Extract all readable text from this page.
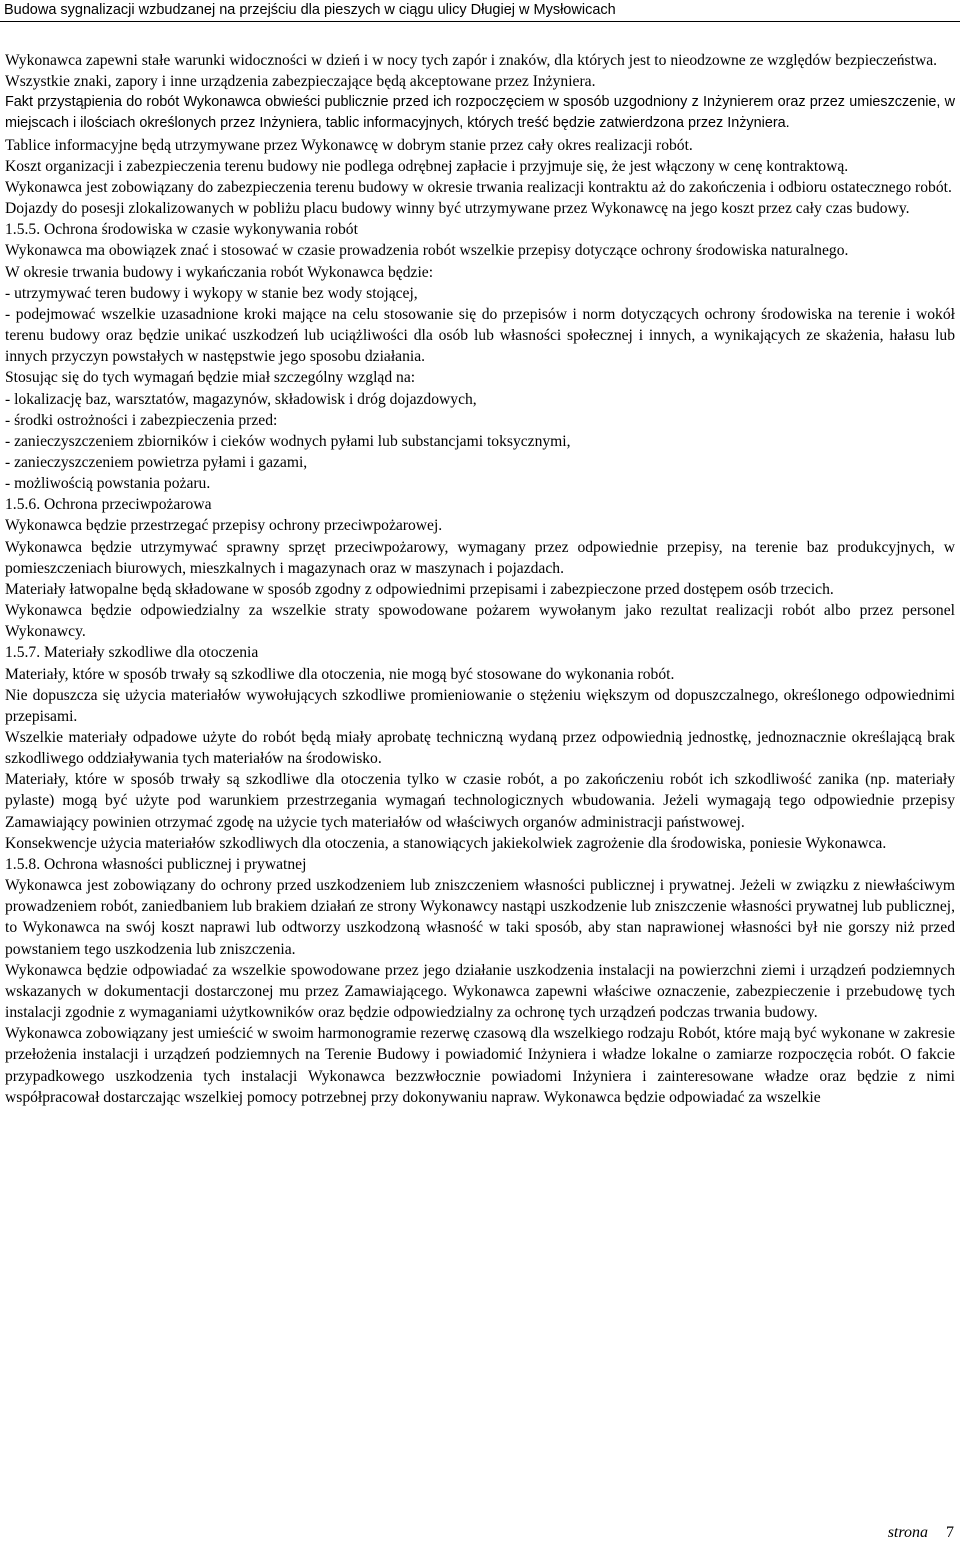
Budowa sygnalizacji wzbudzanej na przejściu dla pieszych w ciągu ulicy Długiej w Mysłowicach

Wykonawca zapewni stałe warunki widoczności w dzień i w nocy tych zapór i znaków, dla których jest to nieodzowne ze względów bezpieczeństwa.

Wszystkie znaki, zapory i inne urządzenia zabezpieczające będą akceptowane przez Inżyniera.

Fakt przystąpienia do robót Wykonawca obwieści publicznie przed ich rozpoczęciem w sposób uzgodniony z Inżynierem oraz przez umieszczenie, w miejscach i ilościach określonych przez Inżyniera, tablic informacyjnych, których treść będzie zatwierdzona przez Inżyniera.

Tablice informacyjne będą utrzymywane przez Wykonawcę w dobrym stanie przez cały okres realizacji robót.

Koszt organizacji i zabezpieczenia terenu budowy nie podlega odrębnej zapłacie i przyjmuje się, że jest włączony w cenę kontraktową.

Wykonawca jest zobowiązany do zabezpieczenia terenu budowy w okresie trwania realizacji kontraktu aż do zakończenia i odbioru ostatecznego robót.

Dojazdy do posesji zlokalizowanych w pobliżu placu budowy winny być utrzymywane przez Wykonawcę na jego koszt przez cały czas budowy.

1.5.5. Ochrona środowiska w czasie wykonywania robót

Wykonawca ma obowiązek znać i stosować w czasie prowadzenia robót wszelkie przepisy dotyczące ochrony środowiska naturalnego.

W okresie trwania budowy i wykańczania robót Wykonawca będzie:

- utrzymywać teren budowy i wykopy w stanie bez wody stojącej,

- podejmować wszelkie uzasadnione kroki mające na celu stosowanie się do przepisów i norm dotyczących ochrony środowiska na terenie i wokół terenu budowy oraz będzie unikać uszkodzeń lub uciążliwości dla osób lub własności społecznej i innych, a wynikających ze skażenia, hałasu lub innych przyczyn powstałych w następstwie jego sposobu działania.

Stosując się do tych wymagań będzie miał szczególny wzgląd na:

- lokalizację baz, warsztatów, magazynów, składowisk i dróg dojazdowych,

- środki ostrożności i zabezpieczenia przed:

- zanieczyszczeniem zbiorników i cieków wodnych pyłami lub substancjami toksycznymi,

- zanieczyszczeniem powietrza pyłami i gazami,

- możliwością powstania pożaru.

1.5.6. Ochrona przeciwpożarowa

Wykonawca będzie przestrzegać przepisy ochrony przeciwpożarowej.

Wykonawca będzie utrzymywać sprawny sprzęt przeciwpożarowy, wymagany przez odpowiednie przepisy, na terenie baz produkcyjnych, w pomieszczeniach biurowych, mieszkalnych i magazynach oraz w maszynach i pojazdach.

Materiały łatwopalne będą składowane w sposób zgodny z odpowiednimi przepisami i zabezpieczone przed dostępem osób trzecich.

Wykonawca będzie odpowiedzialny za wszelkie straty spowodowane pożarem wywołanym jako rezultat realizacji robót albo przez personel Wykonawcy.

1.5.7. Materiały szkodliwe dla otoczenia

Materiały, które w sposób trwały są szkodliwe dla otoczenia, nie mogą być stosowane do wykonania robót.

Nie dopuszcza się użycia materiałów wywołujących szkodliwe promieniowanie o stężeniu większym od dopuszczalnego, określonego odpowiednimi przepisami.

Wszelkie materiały odpadowe użyte do robót będą miały aprobatę techniczną wydaną przez odpowiednią jednostkę, jednoznacznie określającą brak szkodliwego oddziaływania tych materiałów na środowisko.

Materiały, które w sposób trwały są szkodliwe dla otoczenia tylko w czasie robót, a po zakończeniu robót ich szkodliwość zanika (np. materiały pylaste) mogą być użyte pod warunkiem przestrzegania wymagań technologicznych wbudowania. Jeżeli wymagają tego odpowiednie przepisy Zamawiający powinien otrzymać zgodę na użycie tych materiałów od właściwych organów administracji państwowej.

Konsekwencje użycia materiałów szkodliwych dla otoczenia, a stanowiących jakiekolwiek zagrożenie dla środowiska, poniesie Wykonawca.

1.5.8. Ochrona własności publicznej i prywatnej

Wykonawca jest zobowiązany do ochrony przed uszkodzeniem lub zniszczeniem własności publicznej i prywatnej. Jeżeli w związku z niewłaściwym prowadzeniem robót, zaniedbaniem lub brakiem działań ze strony Wykonawcy nastąpi uszkodzenie lub zniszczenie własności prywatnej lub publicznej, to Wykonawca na swój koszt naprawi lub odtworzy uszkodzoną własność w taki sposób, aby stan naprawionej własności był nie gorszy niż przed powstaniem tego uszkodzenia lub zniszczenia.

Wykonawca będzie odpowiadać za wszelkie spowodowane przez jego działanie uszkodzenia instalacji na powierzchni ziemi i urządzeń podziemnych wskazanych w dokumentacji dostarczonej mu przez Zamawiającego. Wykonawca zapewni właściwe oznaczenie, zabezpieczenie i przebudowę tych instalacji zgodnie z wymaganiami użytkowników oraz będzie odpowiedzialny za ochronę tych urządzeń podczas trwania budowy.

Wykonawca zobowiązany jest umieścić w swoim harmonogramie rezerwę czasową dla wszelkiego rodzaju Robót, które mają być wykonane w zakresie przełożenia instalacji i urządzeń podziemnych na Terenie Budowy i powiadomić Inżyniera i władze lokalne o zamiarze rozpoczęcia robót. O fakcie przypadkowego uszkodzenia tych instalacji Wykonawca bezzwłocznie powiadomi Inżyniera i zainteresowane władze oraz będzie z nimi współpracował dostarczając wszelkiej pomocy potrzebnej przy dokonywaniu napraw. Wykonawca będzie odpowiadać za wszelkie

strona 7
